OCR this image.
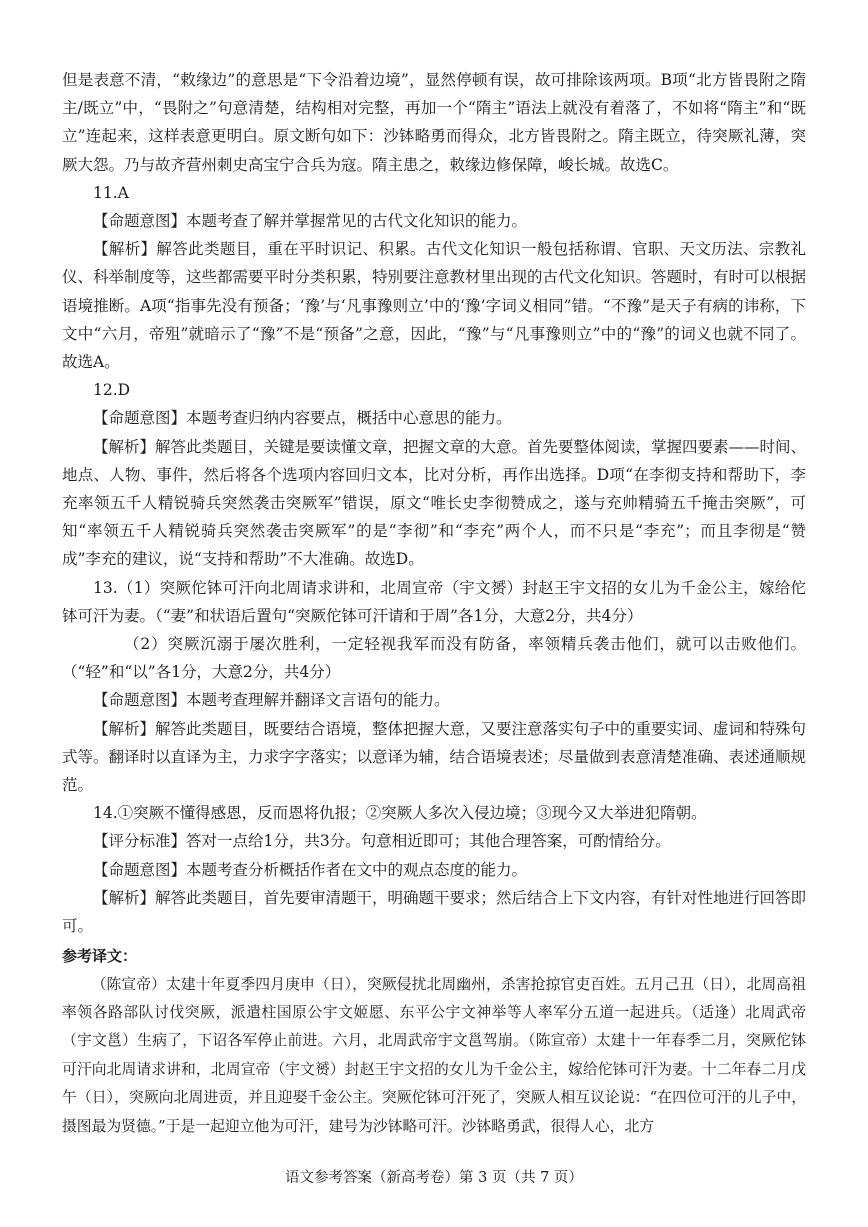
但是表意不清，“敕缘边”的意思是“下令沿着边境”，显然停顿有误，故可排除该两项。B项“北方皆畏附之隋主/既立”中，“畏附之”句意清楚，结构相对完整，再加一个“隋主”语法上就没有着落了，不如将“隋主”和“既立”连起来，这样表意更明白。原文断句如下：沙钵略勇而得众，北方皆畏附之。隋主既立，待突厥礼薄，突厥大怨。乃与故齐营州刺史高宝宁合兵为寇。隋主患之，敕缘边修保障，峻长城。故选C。

11.A

【命题意图】本题考查了解并掌握常见的古代文化知识的能力。

【解析】解答此类题目，重在平时识记、积累。古代文化知识一般包括称谓、官职、天文历法、宗教礼仪、科举制度等，这些都需要平时分类积累，特别要注意教材里出现的古代文化知识。答题时，有时可以根据语境推断。A项“指事先没有预备；‘豫’与‘凡事豫则立’中的‘豫’字词义相同”错。“不豫”是天子有病的讳称，下文中“六月，帝殂”就暗示了“豫”不是“预备”之意，因此，“豫”与“凡事豫则立”中的“豫”的词义也就不同了。故选A。

12.D

【命题意图】本题考查归纳内容要点，概括中心意思的能力。

【解析】解答此类题目，关键是要读懂文章，把握文章的大意。首先要整体阅读，掌握四要素——时间、地点、人物、事件，然后将各个选项内容回归文本，比对分析，再作出选择。D项“在李彻支持和帮助下，李充率领五千人精锐骑兵突然袭击突厥军”错误，原文“唯长史李彻赞成之，遂与充帅精骑五千掩击突厥”，可知“率领五千人精锐骑兵突然袭击突厥军”的是“李彻”和“李充”两个人，而不只是“李充”；而且李彻是“赞成”李充的建议，说“支持和帮助”不大准确。故选D。

13.（1）突厥佗钵可汗向北周请求讲和，北周宣帝（宇文赟）封赵王宇文招的女儿为千金公主，嫁给佗钵可汗为妻。（“妻”和状语后置句“突厥佗钵可汗请和于周”各1分，大意2分，共4分）

（2）突厥沉溺于屡次胜利，一定轻视我军而没有防备，率领精兵袭击他们，就可以击败他们。（“轻”和“以”各1分，大意2分，共4分）

【命题意图】本题考查理解并翻译文言语句的能力。

【解析】解答此类题目，既要结合语境，整体把握大意，又要注意落实句子中的重要实词、虚词和特殊句式等。翻译时以直译为主，力求字字落实；以意译为辅，结合语境表述；尽量做到表意清楚准确、表述通顺规范。

14.①突厥不懂得感恩，反而恩将仇报；②突厥人多次入侵边境；③现今又大举进犯隋朝。

【评分标准】答对一点给1分，共3分。句意相近即可；其他合理答案，可酌情给分。

【命题意图】本题考查分析概括作者在文中的观点态度的能力。

【解析】解答此类题目，首先要审清题干，明确题干要求；然后结合上下文内容，有针对性地进行回答即可。

参考译文：

（陈宣帝）太建十年夏季四月庚申（日），突厥侵扰北周幽州，杀害抢掠官吏百姓。五月己丑（日），北周高祖率领各路部队讨伐突厥，派遣柱国原公宇文姬愿、东平公宇文神举等人率军分五道一起进兵。（适逢）北周武帝（宇文邕）生病了，下诏各军停止前进。六月，北周武帝宇文邕驾崩。（陈宣帝）太建十一年春季二月，突厥佗钵可汗向北周请求讲和，北周宣帝（宇文赟）封赵王宇文招的女儿为千金公主，嫁给佗钵可汗为妻。十二年春二月戊午（日），突厥向北周进贡，并且迎娶千金公主。突厥佗钵可汗死了，突厥人相互议论说：“在四位可汗的儿子中，摄图最为贤德。”于是一起迎立他为可汗，建号为沙钵略可汗。沙钵略勇武，很得人心，北方

语文参考答案（新高考卷）第 3 页（共 7 页）
